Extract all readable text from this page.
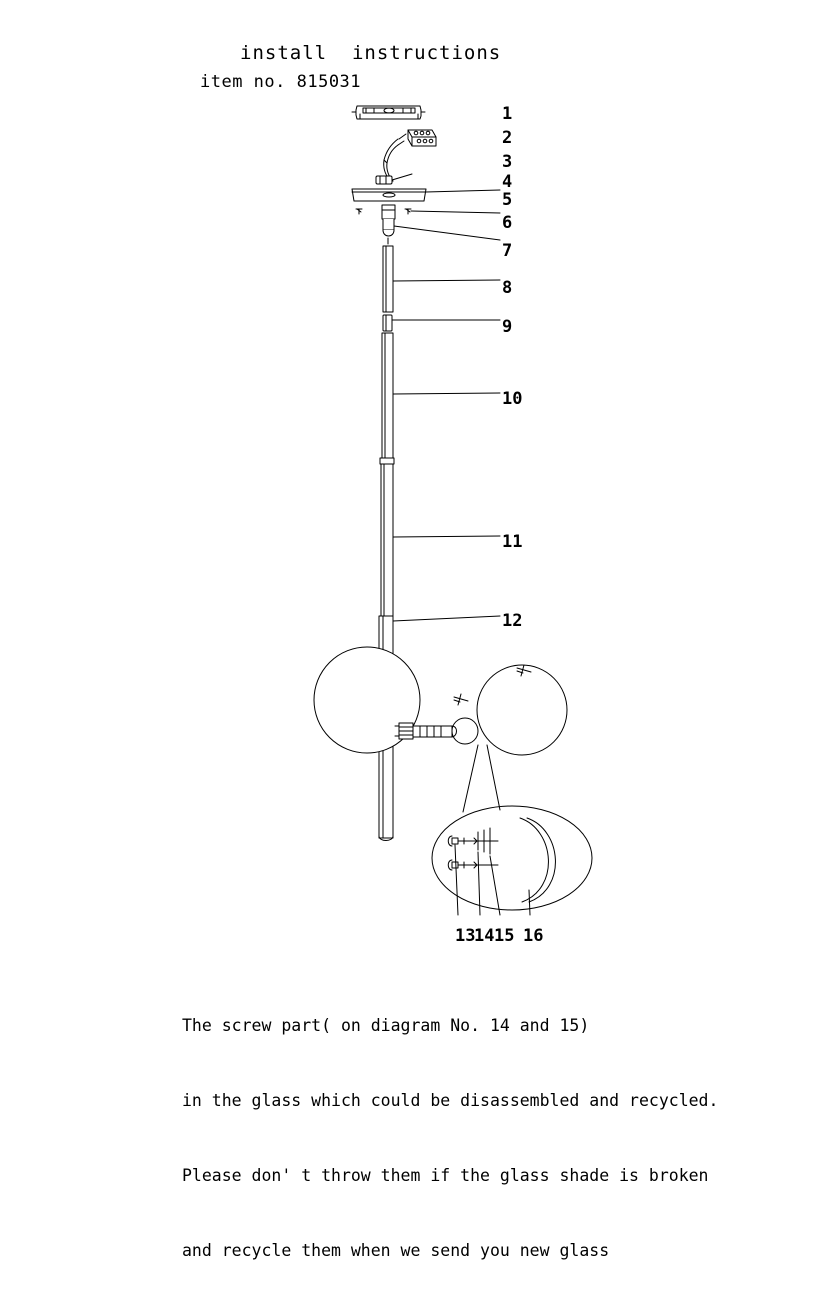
install  instructions
item no. 815031
1
2
3
4
5
6
7
8
9
10
11
12
13
14 15 16

The screw part( on diagram No. 14 and 15)

in the glass which could be disassembled and recycled.

Please don' t throw them if the glass shade is broken

and recycle them when we send you new glass
